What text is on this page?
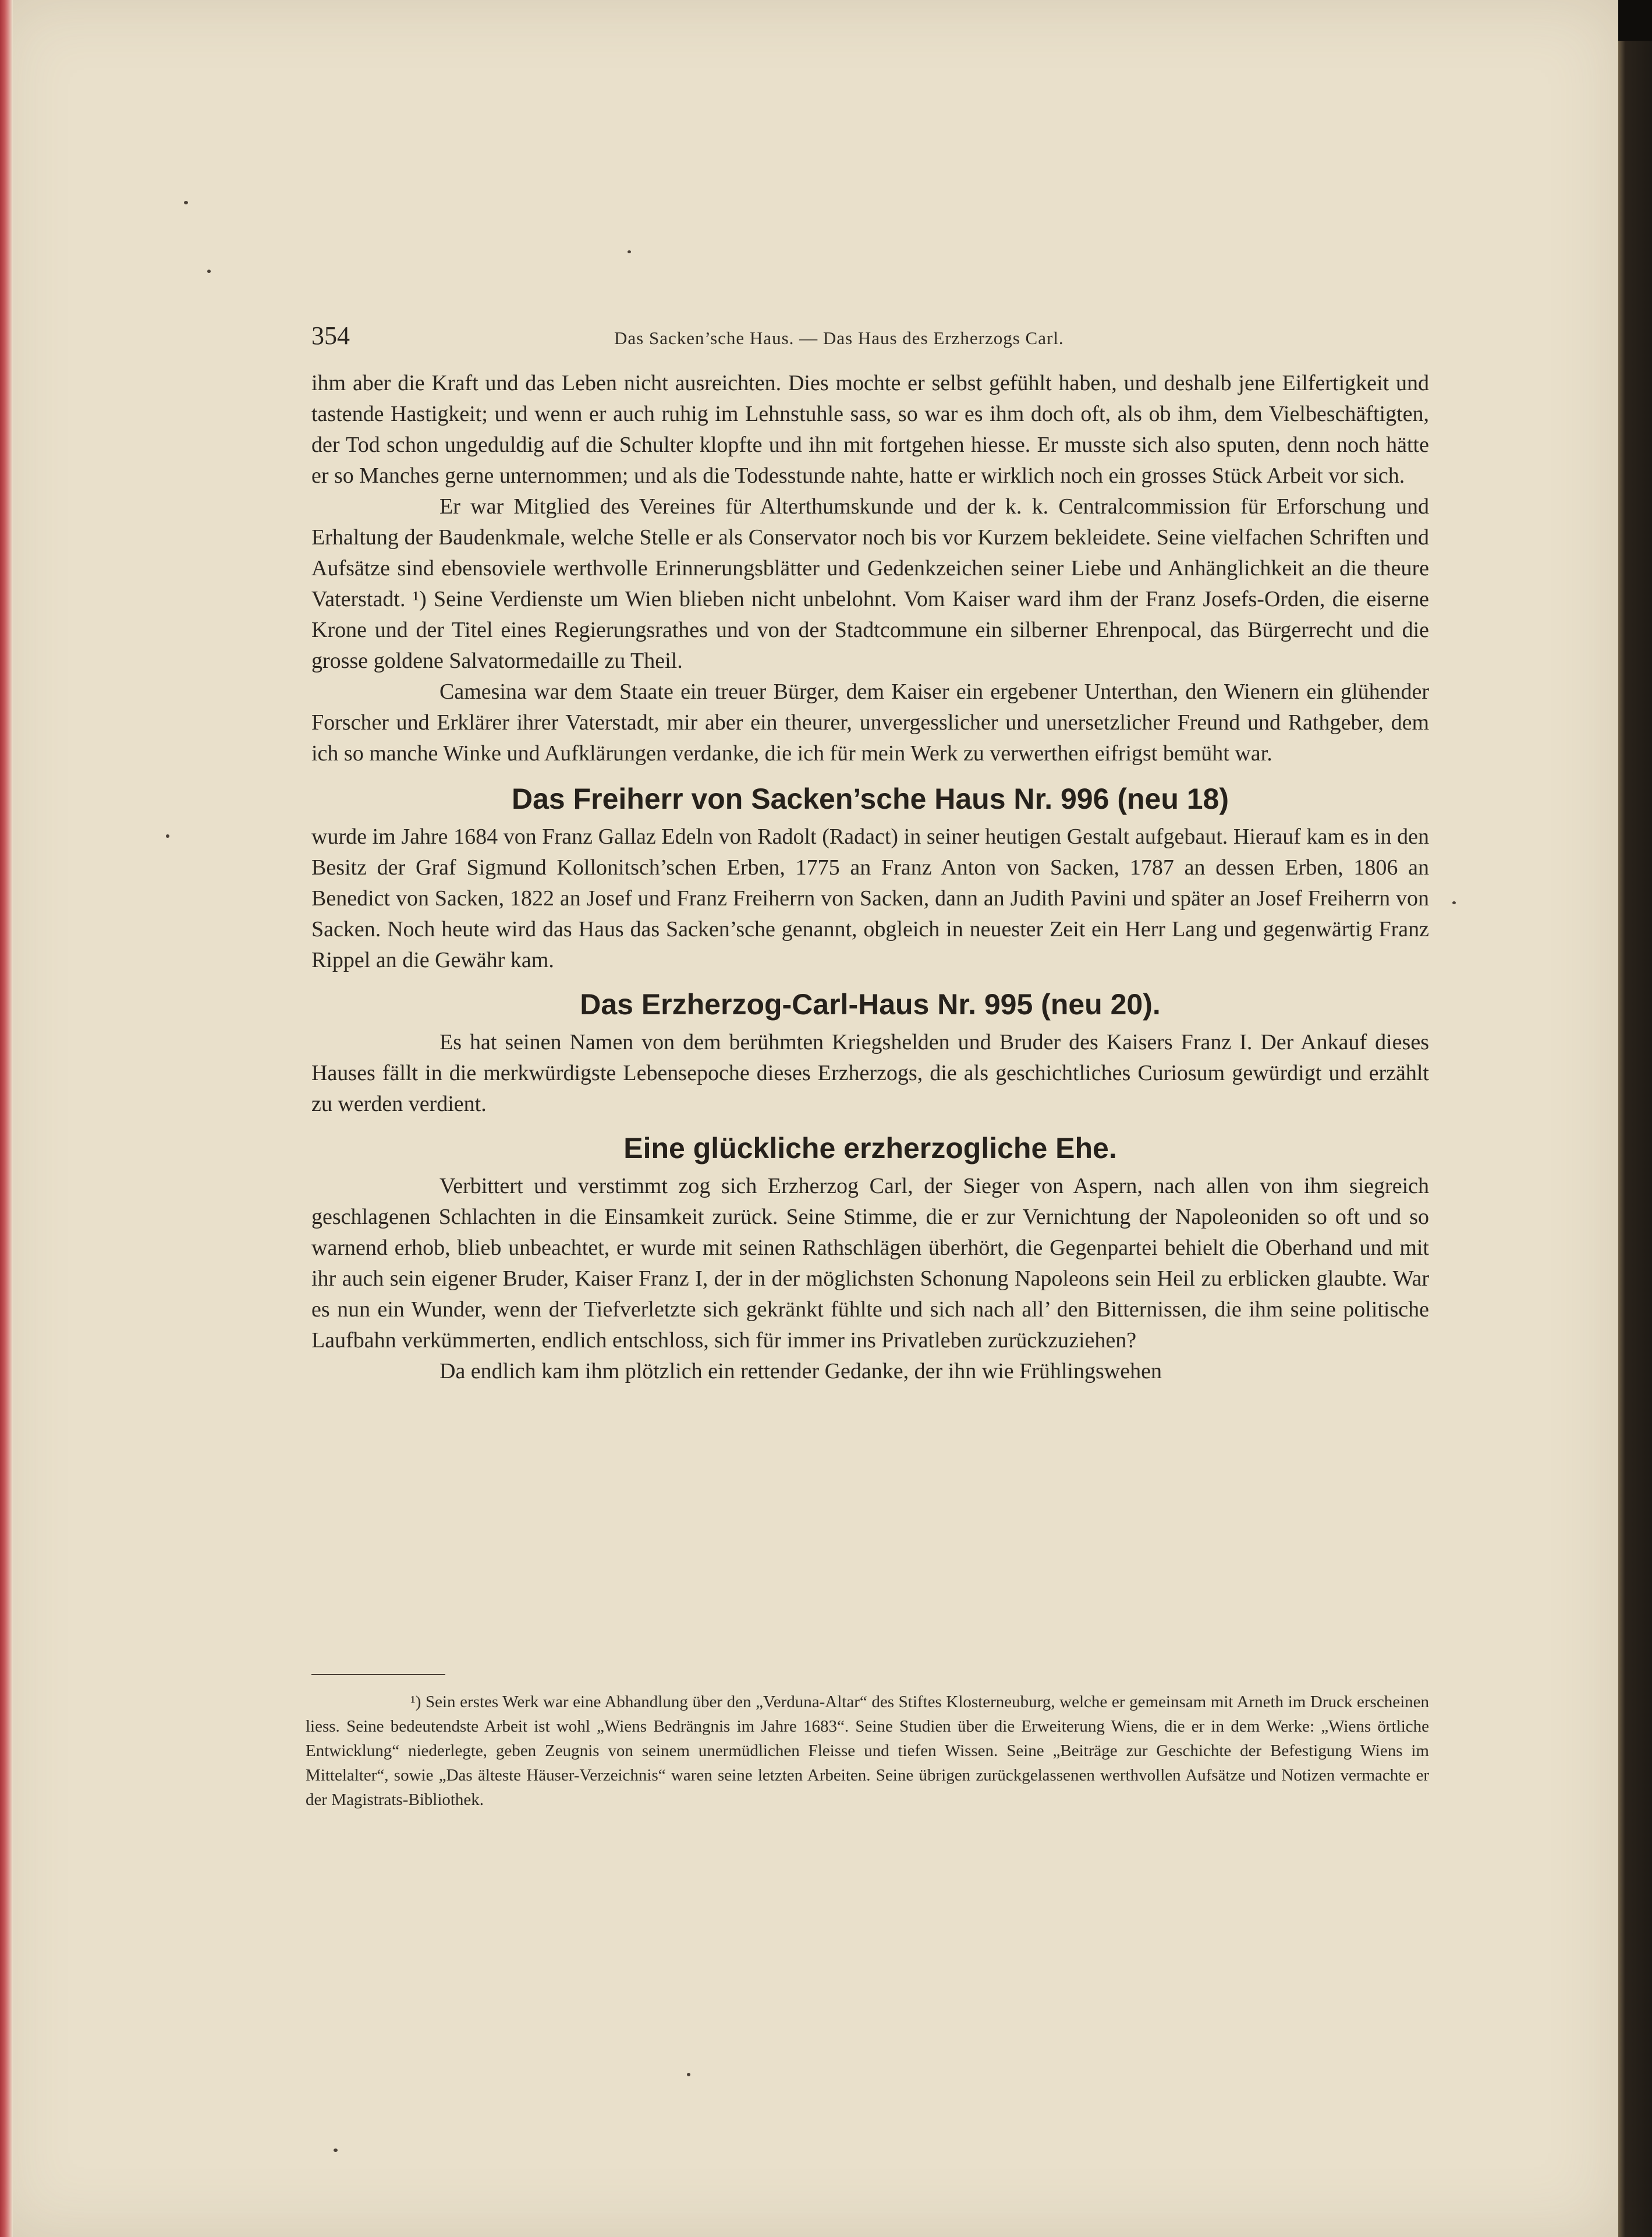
354	Das Sacken’sche Haus. — Das Haus des Erzherzogs Carl.

ihm aber die Kraft und das Leben nicht ausreichten. Dies mochte er selbst gefühlt haben, und deshalb jene Eilfertigkeit und tastende Hastigkeit; und wenn er auch ruhig im Lehnstuhle sass, so war es ihm doch oft, als ob ihm, dem Vielbeschäftigten, der Tod schon ungeduldig auf die Schulter klopfte und ihn mit fortgehen hiesse. Er musste sich also sputen, denn noch hätte er so Manches gerne unternommen; und als die Todesstunde nahte, hatte er wirklich noch ein grosses Stück Arbeit vor sich.

Er war Mitglied des Vereines für Alterthumskunde und der k. k. Centralcommission für Erforschung und Erhaltung der Baudenkmale, welche Stelle er als Conservator noch bis vor Kurzem bekleidete. Seine vielfachen Schriften und Aufsätze sind ebensoviele werthvolle Erinnerungsblätter und Gedenkzeichen seiner Liebe und Anhänglichkeit an die theure Vaterstadt. ¹) Seine Verdienste um Wien blieben nicht unbelohnt. Vom Kaiser ward ihm der Franz Josefs-Orden, die eiserne Krone und der Titel eines Regierungsrathes und von der Stadtcommune ein silberner Ehrenpocal, das Bürgerrecht und die grosse goldene Salvatormedaille zu Theil.

Camesina war dem Staate ein treuer Bürger, dem Kaiser ein ergebener Unterthan, den Wienern ein glühender Forscher und Erklärer ihrer Vaterstadt, mir aber ein theurer, unvergesslicher und unersetzlicher Freund und Rathgeber, dem ich so manche Winke und Aufklärungen verdanke, die ich für mein Werk zu verwerthen eifrigst bemüht war.

Das Freiherr von Sacken’sche Haus Nr. 996 (neu 18)

wurde im Jahre 1684 von Franz Gallaz Edeln von Radolt (Radact) in seiner heutigen Gestalt aufgebaut. Hierauf kam es in den Besitz der Graf Sigmund Kollonitsch’schen Erben, 1775 an Franz Anton von Sacken, 1787 an dessen Erben, 1806 an Benedict von Sacken, 1822 an Josef und Franz Freiherrn von Sacken, dann an Judith Pavini und später an Josef Freiherrn von Sacken. Noch heute wird das Haus das Sacken’sche genannt, obgleich in neuester Zeit ein Herr Lang und gegenwärtig Franz Rippel an die Gewähr kam.

Das Erzherzog-Carl-Haus Nr. 995 (neu 20).

Es hat seinen Namen von dem berühmten Kriegshelden und Bruder des Kaisers Franz I. Der Ankauf dieses Hauses fällt in die merkwürdigste Lebensepoche dieses Erzherzogs, die als geschichtliches Curiosum gewürdigt und erzählt zu werden verdient.

Eine glückliche erzherzogliche Ehe.

Verbittert und verstimmt zog sich Erzherzog Carl, der Sieger von Aspern, nach allen von ihm siegreich geschlagenen Schlachten in die Einsamkeit zurück. Seine Stimme, die er zur Vernichtung der Napoleoniden so oft und so warnend erhob, blieb unbeachtet, er wurde mit seinen Rathschlägen überhört, die Gegenpartei behielt die Oberhand und mit ihr auch sein eigener Bruder, Kaiser Franz I, der in der möglichsten Schonung Napoleons sein Heil zu erblicken glaubte. War es nun ein Wunder, wenn der Tiefverletzte sich gekränkt fühlte und sich nach all’ den Bitternissen, die ihm seine politische Laufbahn verkümmerten, endlich entschloss, sich für immer ins Privatleben zurückzuziehen?

Da endlich kam ihm plötzlich ein rettender Gedanke, der ihn wie Frühlingswehen

¹) Sein erstes Werk war eine Abhandlung über den „Verduna-Altar“ des Stiftes Klosterneuburg, welche er gemeinsam mit Arneth im Druck erscheinen liess. Seine bedeutendste Arbeit ist wohl „Wiens Bedrängnis im Jahre 1683“. Seine Studien über die Erweiterung Wiens, die er in dem Werke: „Wiens örtliche Entwicklung“ niederlegte, geben Zeugnis von seinem unermüdlichen Fleisse und tiefen Wissen. Seine „Beiträge zur Geschichte der Befestigung Wiens im Mittelalter“, sowie „Das älteste Häuser-Verzeichnis“ waren seine letzten Arbeiten. Seine übrigen zurückgelassenen werthvollen Aufsätze und Notizen vermachte er der Magistrats-Bibliothek.
